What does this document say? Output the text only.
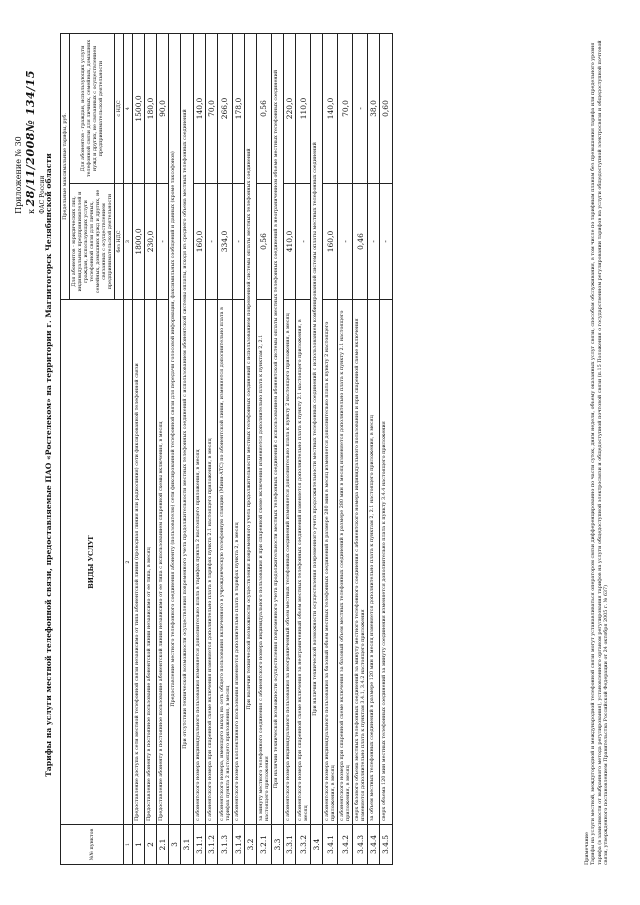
Приложение № 30 к 28/11/2008№ 134/15 ФАС России
Тарифы на услуги местной телефонной связи, предоставляемые ПАО «Ростелеком» на территории г. Магнитогорск Челябинской области
№№ пунктов	ВИДЫ УСЛУГ	Предельные максимальные тарифы, руб.	
		Для абонентов - юридических лиц, индивидуальных предпринимателей и граждан, использующих услуги телефонной связи для личных, семейных, домашних нужд и других, не связанных с осуществлением предпринимательской деятельности	Для абонентов - граждан, использующих услуги телефонной связи для личных, семейных, домашних нужд и других, не связанных с осуществлением предпринимательской деятельности
		без НДС	с НДС
1	2	3	4
1	Предоставление доступа к сети местной телефонной связи независимо от типа абонентской линии (проводная линия или радиолиния) сети фиксированной телефонной связи	1800,0	1500,0
2	Предоставление абоненту в постоянное пользование абонентской линии независимо от ее типа, в месяц	230,0	180,0
2.1	Предоставление абоненту в постоянное пользование абонентской линии независимо от ее типа с использованием спаренной схемы включения, в месяц	-	90,0
3	Предоставление местного телефонного соединения абоненту (пользователю) сети фиксированной телефонной связи для передачи голосовой информации, факсимильных сообщений и данных (кроме таксофонов)		
3.1	При отсутствии технической возможности осуществления повременного учета продолжительности местных телефонных соединений с использованием абонентской системы оплаты, исходя из среднего объема местных телефонных соединений		
3.1.1	с абонентского номера индивидуального пользования изменяется дополнительно плата в тарифах пункта 2 настоящего приложения, в месяц	160,0	140,0
3.1.2	с абонентского номера при спаренной схеме включения изменяется дополнительно плата в тарифах пункта 2.1 настоящего приложения, в месяц	-	70,0
3.1.3	с абонентского номера, имеющего выход на сеть общего пользования включенного в учрежденческую телефонную станцию (Мини-АТС) по абонентской линии, изменяется дополнительно плата в тарифах пункта 2 настоящего приложения, в месяц	334,0	266,0
3.1.4	с абонентского номера коллективного пользования изменяется дополнительно плата в тарифах пункта 2, в месяц	-	178,0
3.2	При наличии технической возможности осуществления повременного учета продолжительности местных телефонных соединений с использованием повременной системы оплаты местных телефонных соединений		
3.2.1	за минуту местного телефонного соединения с абонентского номера индивидуального пользования и при спаренной схеме включения изменяется дополнительно плата к пунктам 2, 2.1 настоящего приложения	0,56	0,56
3.3	При наличии технической возможности осуществления повременного учета продолжительности местных телефонных соединений с использованием абонентской системы оплаты местных телефонных соединений в неограниченном объеме местных телефонных соединений		
3.3.1	с абонентского номера индивидуального пользования за неограниченный объем местных телефонных соединений изменяется дополнительно плата к пункту 2 настоящего приложения, в месяц	410,0	220,0
3.3.2	с абонентского номера при спаренной схеме включения за неограниченный объем местных телефонных соединений изменяется дополнительно плата к пункту 2.1 настоящего приложения, в месяц	-	110,0
3.4	При наличии технической возможности осуществления повременного учета продолжительности местных телефонных соединений с использованием комбинированной системы оплаты местных телефонных соединений		
3.4.1	с абонентского номера индивидуального пользования за базовый объем местных телефонных соединений в размере 280 мин в месяц изменяется дополнительно плата к пункту 2 настоящего приложения, в месяц	160,0	140,0
3.4.2	с абонентского номера при спаренной схеме включения за базовый объем местных телефонных соединений в размере 280 мин в месяц изменяется дополнительно плата к пункту 2.1 настоящего приложения, в месяц	-	70,0
3.4.3	сверх базового объема местных телефонных соединений за минуту местного телефонного соединения с абонентского номера индивидуального пользования и при спаренной схеме включения изменяется дополнительно плата к пунктам 3.4.1, 3.4.2 настоящего приложения	0,46	-
3.4.4	за объем местных телефонных соединений в размере 120 мин в месяц изменяется дополнительно плата к пунктам 2, 2.1 настоящего приложения, в месяц	-	38,0
3.4.5	сверх объема 120 мин местных телефонных соединений за минуту соединения изменяется дополнительно плата к пункту 3.4.4 настоящего приложения	-	0,60
Примечание Тарифы на услуги местной, междугородной и международной телефонной связи могут устанавливаться оператором связи дифференцированно по части суток, дням недели, объему оказанных услуг связи, способам обслуживания, в том числе по тарифным планам без превышения тарифа или предельного уровня тарифа (в зависимости от выбранного метода регулирования), установленного органом регулирования тарифов на услуги общедоступной электросвязи и общедоступной почтовой связи (п.15 Положения о государственном регулировании тарифов на услуги общедоступной электросвязи и общедоступной почтовой связи, утвержденного постановлением Правительства Российской Федерации от 24 октября 2005 г. № 637)
